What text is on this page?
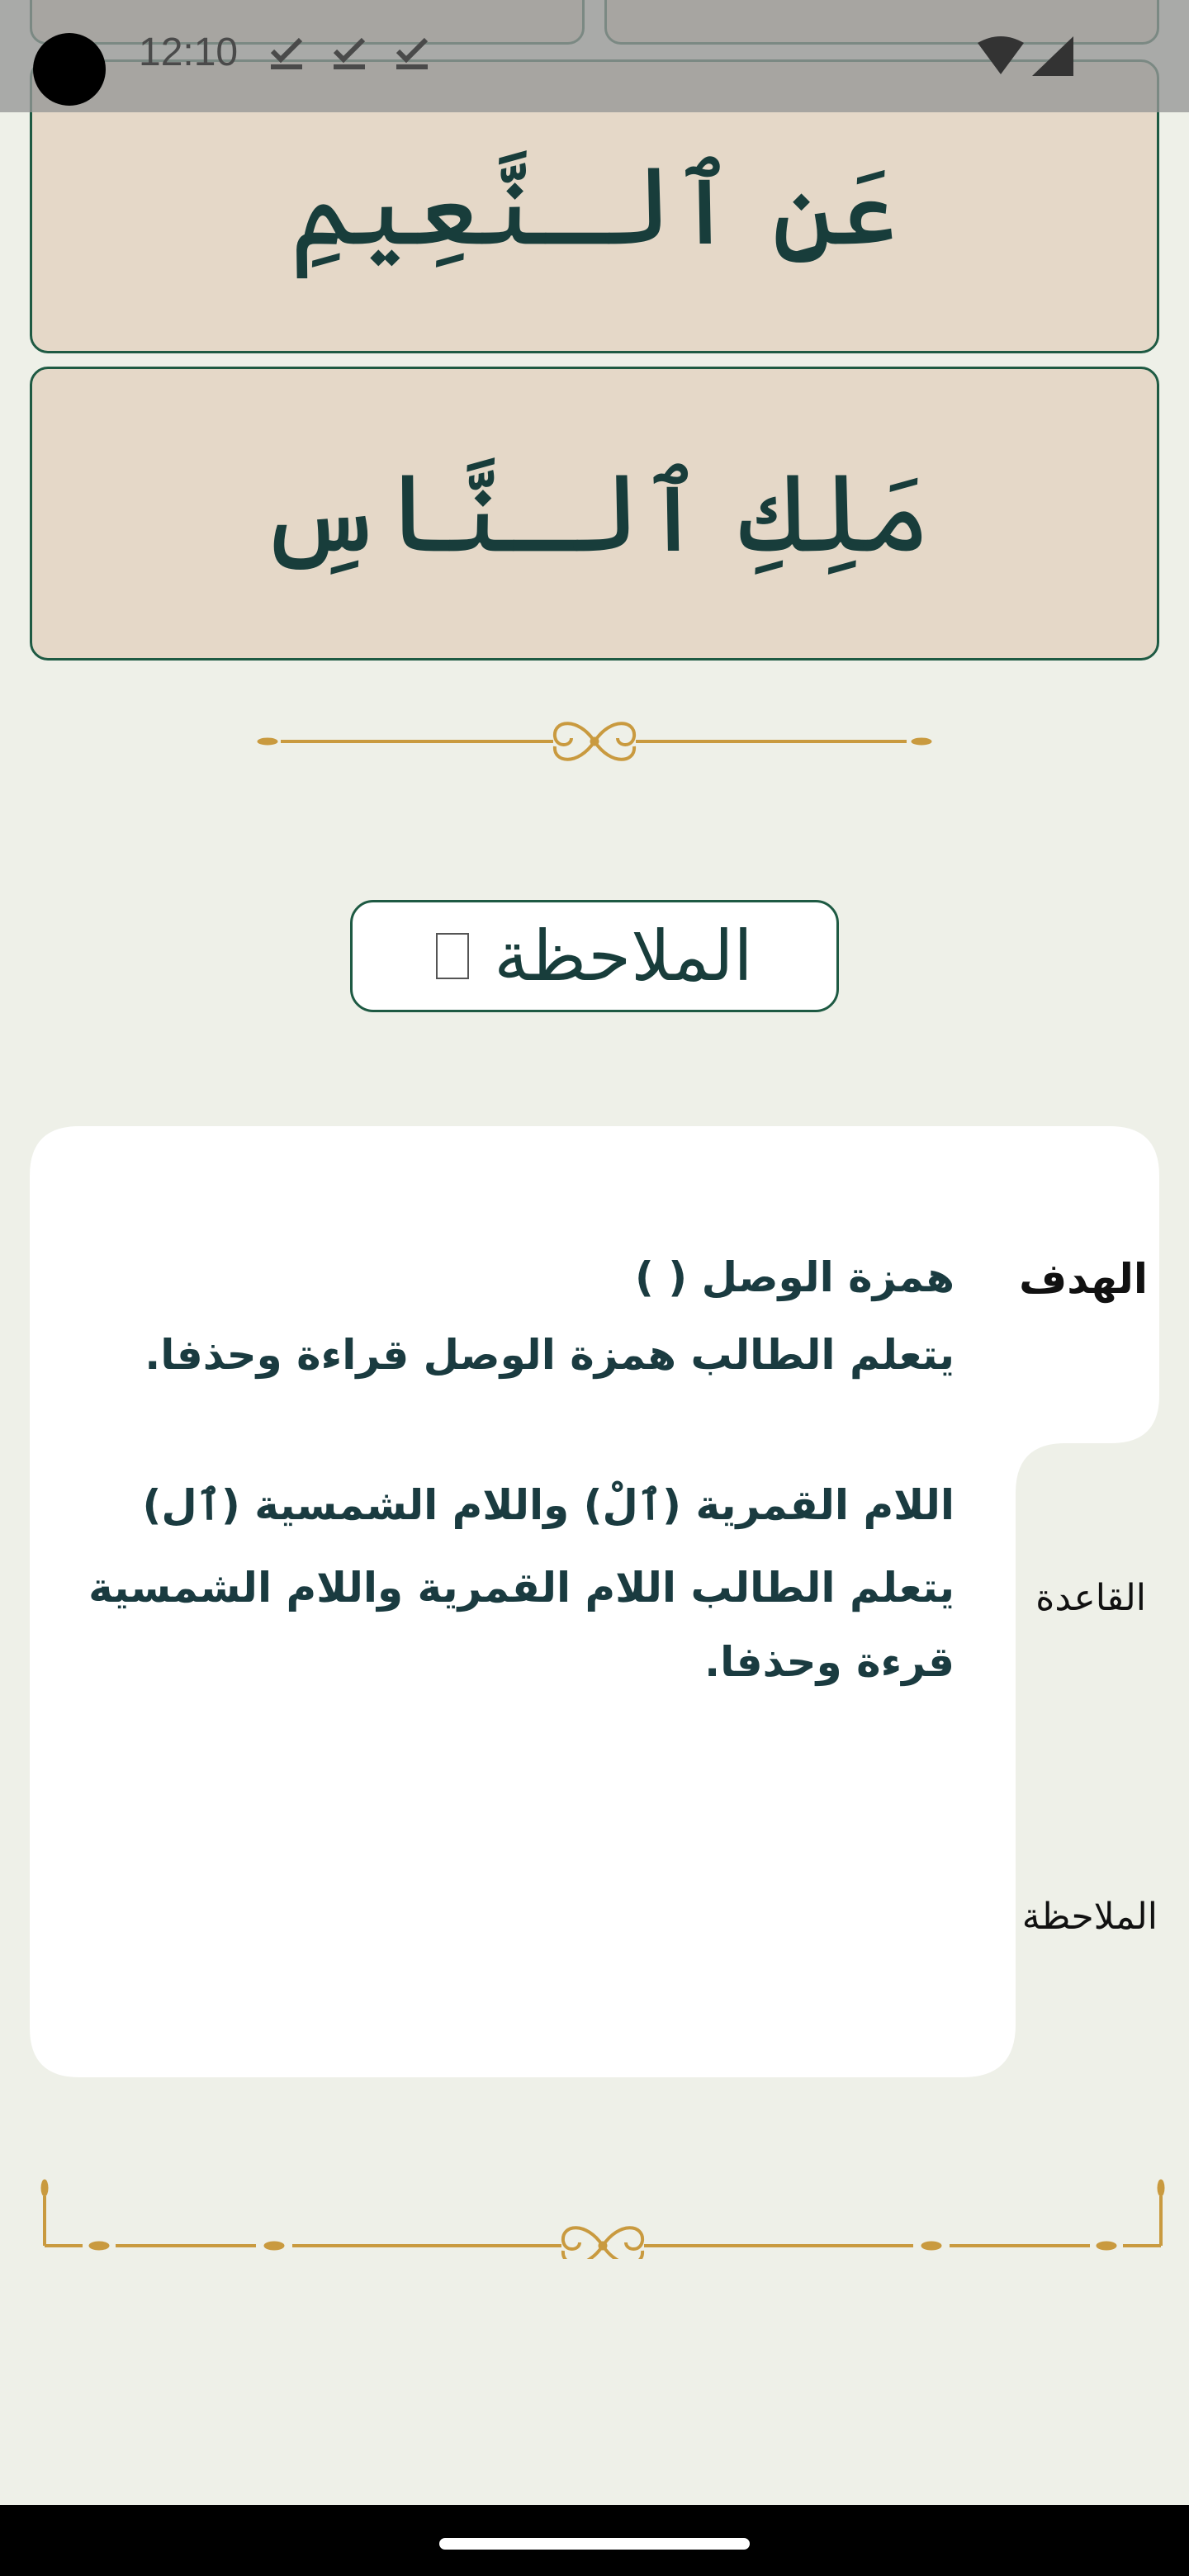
12:10
عَنِ ٱلـنَّعِيمِ
مَلِكِ ٱلـنَّاسِ
الملاحظة
الهدف
القاعدة
الملاحظة
همزة الوصل ( )
يتعلم الطالب همزة الوصل قراءة وحذفا.
اللام القمرية (ٱلْ) واللام الشمسية (ٱل)
يتعلم الطالب اللام القمرية واللام الشمسية
قرءة وحذفا.
